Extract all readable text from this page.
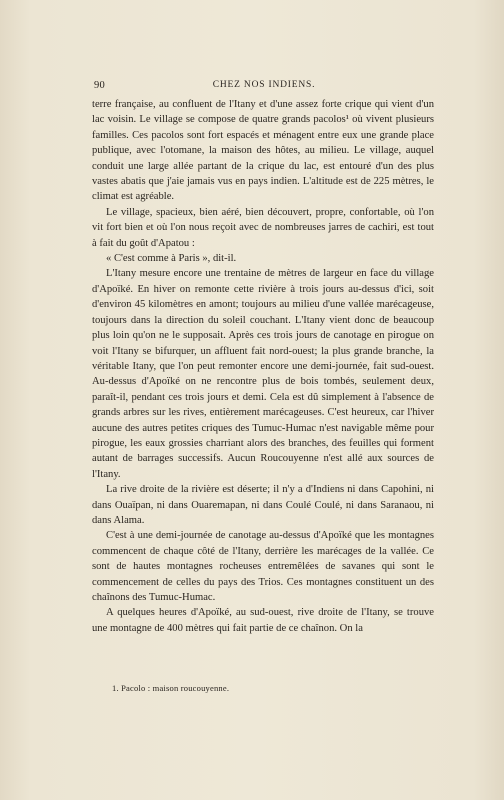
90	CHEZ NOS INDIENS.

terre française, au confluent de l'Itany et d'une assez forte crique qui vient d'un lac voisin. Le village se compose de quatre grands pacolos¹ où vivent plusieurs familles. Ces pacolos sont fort espacés et ménagent entre eux une grande place publique, avec l'otomane, la maison des hôtes, au milieu. Le village, auquel conduit une large allée partant de la crique du lac, est entouré d'un des plus vastes abatis que j'aie jamais vus en pays indien. L'altitude est de 225 mètres, le climat est agréable.

Le village, spacieux, bien aéré, bien découvert, propre, confortable, où l'on vit fort bien et où l'on nous reçoit avec de nombreuses jarres de cachiri, est tout à fait du goût d'Apatou :

« C'est comme à Paris », dit-il.

L'Itany mesure encore une trentaine de mètres de largeur en face du village d'Apoïké. En hiver on remonte cette rivière à trois jours au-dessus d'ici, soit d'environ 45 kilomètres en amont; toujours au milieu d'une vallée marécageuse, toujours dans la direction du soleil couchant. L'Itany vient donc de beaucoup plus loin qu'on ne le supposait. Après ces trois jours de canotage en pirogue on voit l'Itany se bifurquer, un affluent fait nord-ouest; la plus grande branche, la véritable Itany, que l'on peut remonter encore une demi-journée, fait sud-ouest. Au-dessus d'Apoïké on ne rencontre plus de bois tombés, seulement deux, paraît-il, pendant ces trois jours et demi. Cela est dû simplement à l'absence de grands arbres sur les rives, entièrement marécageuses. C'est heureux, car l'hiver aucune des autres petites criques des Tumuc-Humac n'est navigable même pour pirogue, les eaux grossies charriant alors des branches, des feuilles qui forment autant de barrages successifs. Aucun Roucouyenne n'est allé aux sources de l'Itany.

La rive droite de la rivière est déserte; il n'y a d'Indiens ni dans Capohini, ni dans Ouaïpan, ni dans Ouaremapan, ni dans Coulé Coulé, ni dans Saranaou, ni dans Alama.

C'est à une demi-journée de canotage au-dessus d'Apoïké que les montagnes commencent de chaque côté de l'Itany, derrière les marécages de la vallée. Ce sont de hautes montagnes rocheuses entremêlées de savanes qui sont le commencement de celles du pays des Trios. Ces montagnes constituent un des chaînons des Tumuc-Humac.

A quelques heures d'Apoïké, au sud-ouest, rive droite de l'Itany, se trouve une montagne de 400 mètres qui fait partie de ce chaînon. On la

1. Pacolo : maison roucouyenne.
